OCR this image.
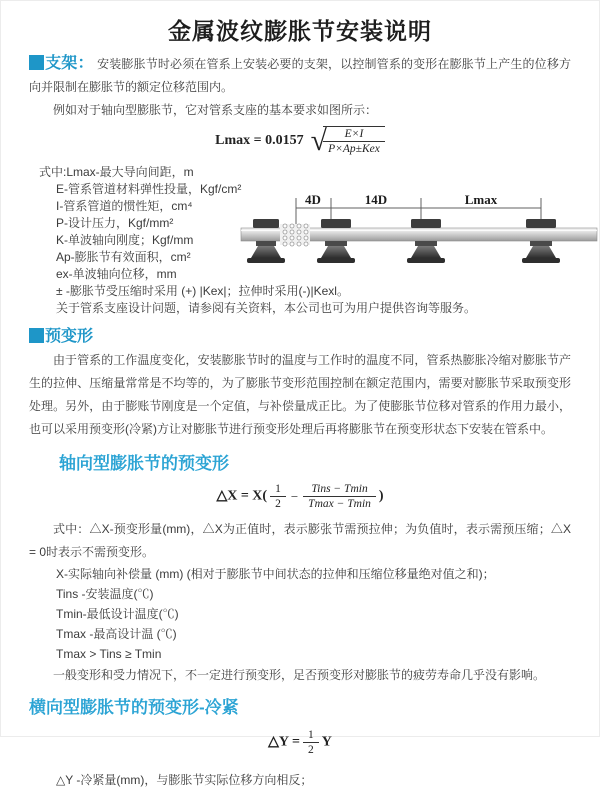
金属波纹膨胀节安装说明

支架： 安装膨胀节时必须在管系上安装必要的支架，以控制管系的变形在膨胀节上产生的位移方向并限制在膨胀节的额定位移范围内。

例如对于轴向型膨胀节，它对管系支座的基本要求如图所示：

Lmax = 0.0157 √
$\frac{E\times I}{\text{P×Ap±Kex}}$
式中:Lmax-最大导向间距，m
E-管系管道材料弹性投量，Kgf/cm²
I-管系管道的惯性矩，cm⁴
P-设计压力，Kgf/mm²
K-单波轴向刚度；Kgf/mm
Ap-膨胀节有效面积，cm²
ex-单波轴向位移，mm
± -膨胀节受压缩时采用 (+) |Kex|；拉伸时采用(-)|Kexl。
关于管系支座设计问题，请参阅有关资料，本公司也可为用户提供咨询等服务。
4D	14D	Lmax
预变形

由于管系的工作温度变化，安装膨胀节时的温度与工作时的温度不同，管系热膨胀冷缩对膨胀节产生的拉伸、压缩量常常是不均等的，为了膨胀节变形范围控制在额定范围内，需要对膨胀节采取预变形处理。另外，由于膨账节刚度是一个定值，与补偿量成正比。为了使膨胀节位移对管系的作用力最小，也可以采用预变形(冷紧)方让对膨胀节进行预变形处理后再将膨胀节在预变形状态下安装在管系中。

轴向型膨胀节的预变形
△X = $X( \frac{1}{2} - \frac{\text{Tins − Tmin}}{Tmax - Tmin}$ )

式中：△X-预变形量(mm)，△X为正值时，表示膨张节需预拉伸；为负值时，表示需预压缩；△X = 0时表示不需预变形。

X-实际轴向补偿量 (mm) (相对于膨胀节中间状态的拉伸和压缩位移量绝对值之和)；
Tins -安装温度(℃)
Tmin-最低设计温度(℃)
Tmax -最高设计温 (℃)
Tmax > Tins ≥ Tmin

一般变形和受力情况下，不一定进行预变形，足否预变形对膨胀节的疲劳寿命几乎没有影响。

横向型膨胀节的预变形-冷紧
△Y = $\frac{1}{2}$ Y
△Y -冷紧量(mm)，与膨胀节实际位移方向相反；
